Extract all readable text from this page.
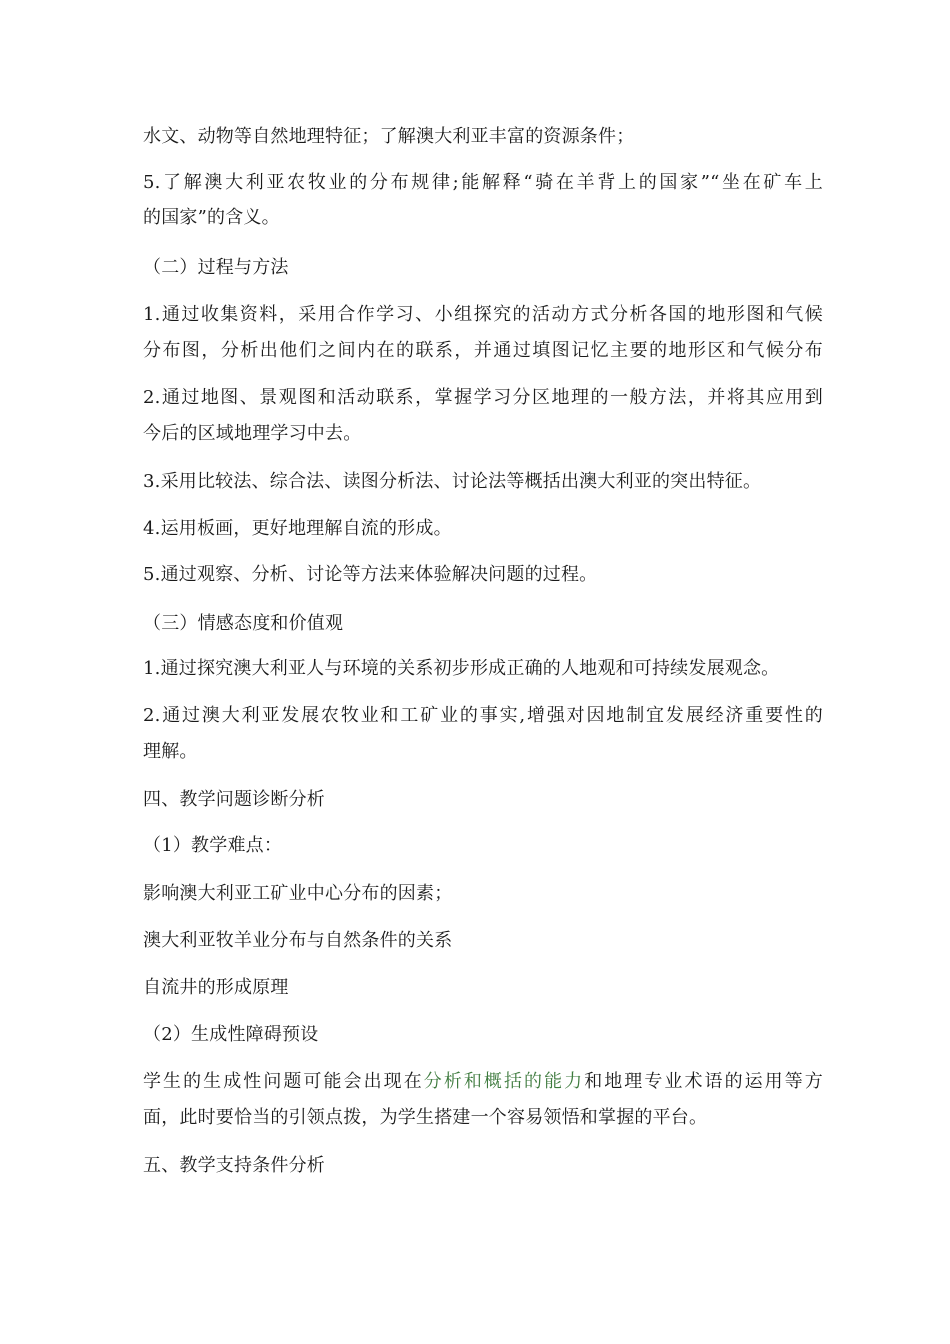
水文、动物等自然地理特征；了解澳大利亚丰富的资源条件；

5.了解澳大利亚农牧业的分布规律;能解释“骑在羊背上的国家”“坐在矿车上

的国家”的含义。

（二）过程与方法

1.通过收集资料，采用合作学习、小组探究的活动方式分析各国的地形图和气候

分布图，分析出他们之间内在的联系，并通过填图记忆主要的地形区和气候分布

2.通过地图、景观图和活动联系，掌握学习分区地理的一般方法，并将其应用到

今后的区域地理学习中去。

3.采用比较法、综合法、读图分析法、讨论法等概括出澳大利亚的突出特征。

4.运用板画，更好地理解自流的形成。

5.通过观察、分析、讨论等方法来体验解决问题的过程。

（三）情感态度和价值观

1.通过探究澳大利亚人与环境的关系初步形成正确的人地观和可持续发展观念。

2.通过澳大利亚发展农牧业和工矿业的事实,增强对因地制宜发展经济重要性的

理解。

四、教学问题诊断分析

（1）教学难点：

影响澳大利亚工矿业中心分布的因素；

澳大利亚牧羊业分布与自然条件的关系

自流井的形成原理

（2）生成性障碍预设

学生的生成性问题可能会出现在分析和概括的能力和地理专业术语的运用等方

面，此时要恰当的引领点拨，为学生搭建一个容易领悟和掌握的平台。

五、教学支持条件分析
